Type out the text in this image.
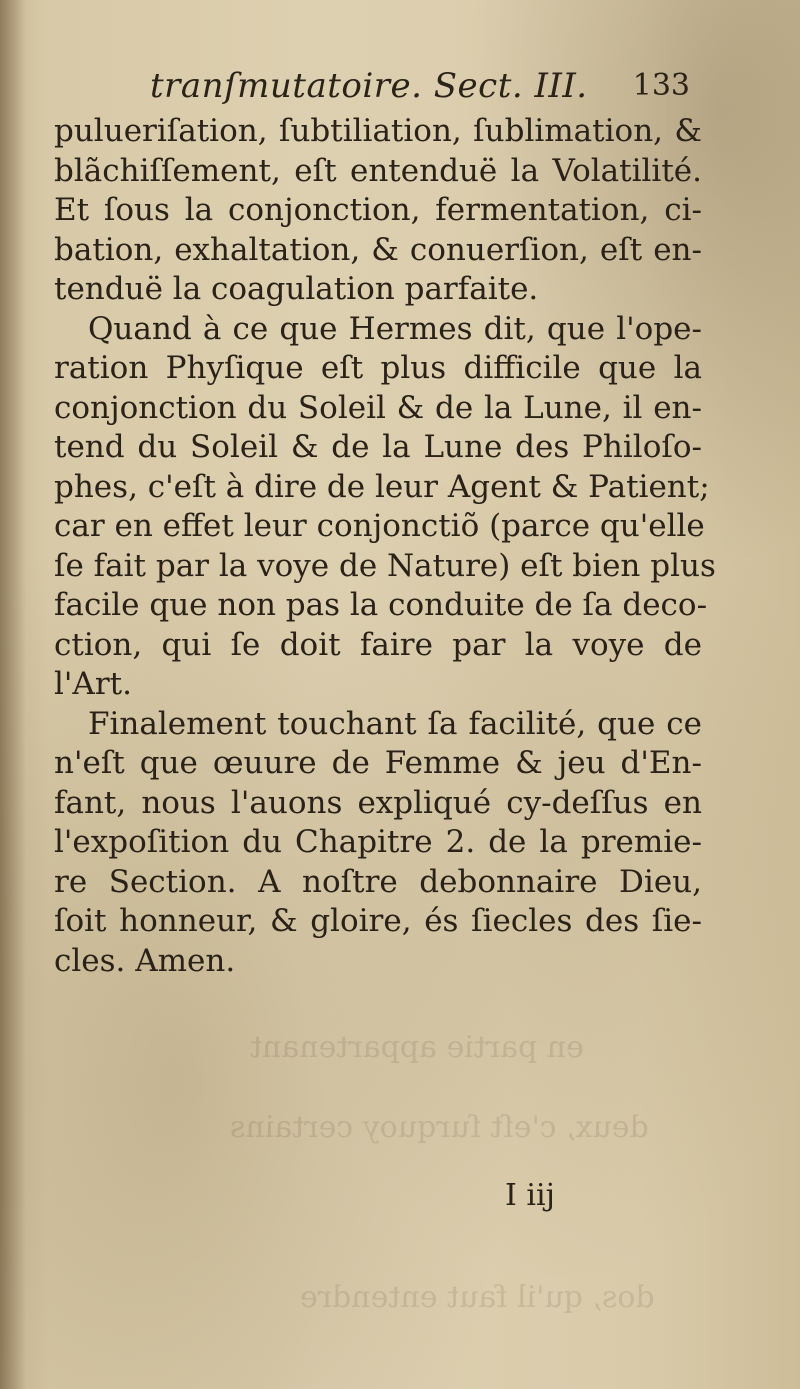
en partie appartenant
deux, c'eſt ſurquoy certains
dos, qu'il faut entendre
tranſmutatoire. Sect. III. 133
pulueriſation, ſubtiliation, ſublimation, &
blãchiſſement, eſt entenduë la Volatilité.
Et ſous la conjonction, fermentation, ci-
bation, exhaltation, & conuerſion, eſt en-
tenduë la coagulation parfaite.
Quand à ce que Hermes dit, que l'ope-
ration Phyſique eſt plus difficile que la
conjonction du Soleil & de la Lune, il en-
tend du Soleil & de la Lune des Philoſo-
phes, c'eſt à dire de leur Agent & Patient;
car en effet leur conjonctiõ (parce qu'elle
ſe fait par la voye de Nature) eſt bien plus
facile que non pas la conduite de ſa deco-
ction, qui ſe doit faire par la voye de
l'Art.
Finalement touchant ſa facilité, que ce
n'eſt que œuure de Femme & jeu d'En-
fant, nous l'auons expliqué cy-deſſus en
l'expoſition du Chapitre 2. de la premie-
re Section. A noſtre debonnaire Dieu,
ſoit honneur, & gloire, és ſiecles des ſie-
cles. Amen.
I iij
